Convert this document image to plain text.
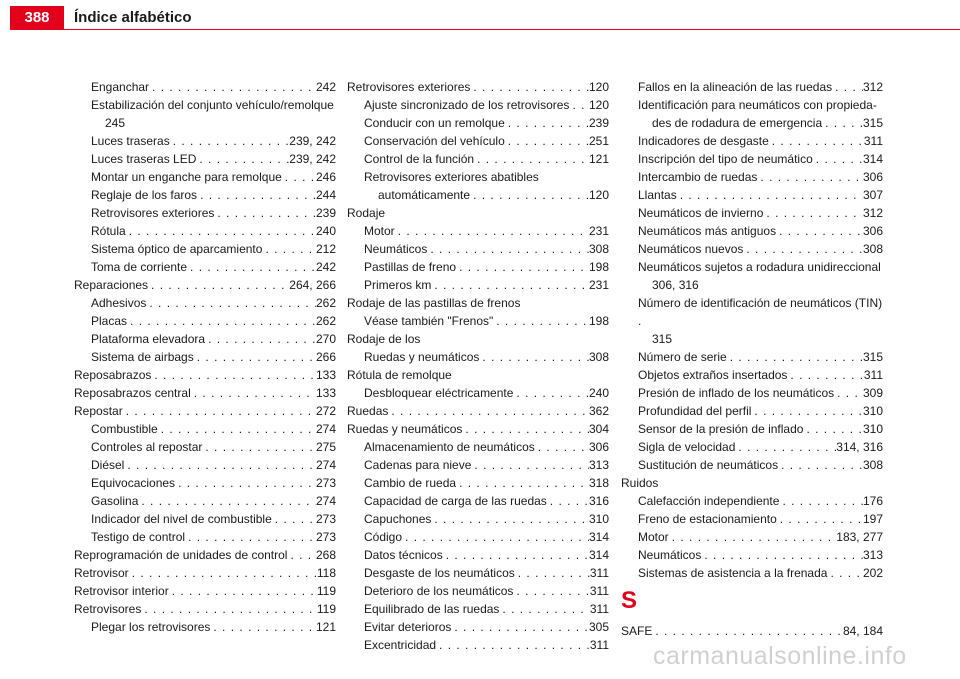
388	Índice alfabético
Enganchar . . .	242
Estabilización del conjunto vehículo/remolque
245
Luces traseras . . .	239, 242
Luces traseras LED . . .	239, 242
Montar un enganche para remolque . . .	246
Reglaje de los faros . . .	244
Retrovisores exteriores . . .	239
Rótula . . .	240
Sistema óptico de aparcamiento . . .	212
Toma de corriente . . .	242
Reparaciones . . .	264, 266
Adhesivos . . .	262
Placas . . .	262
Plataforma elevadora . . .	270
Sistema de airbags . . .	266
Reposabrazos . . .	133
Reposabrazos central . . .	133
Repostar . . .	272
Combustible . . .	274
Controles al repostar . . .	275
Diésel . . .	274
Equivocaciones . . .	273
Gasolina . . .	274
Indicador del nivel de combustible . . .	273
Testigo de control . . .	273
Reprogramación de unidades de control . . . 268
Retrovisor . . .	118
Retrovisor interior . . .	119
Retrovisores . . .	119
Plegar los retrovisores . . .	121
Retrovisores exteriores . . .	120
Ajuste sincronizado de los retrovisores . . . 120
Conducir con un remolque . . .	239
Conservación del vehículo . . .	251
Control de la función . . .	121
Retrovisores exteriores abatibles
automáticamente . . .	120
Rodaje
Motor . . .	231
Neumáticos . . .	308
Pastillas de freno . . .	198
Primeros km . . .	231
Rodaje de las pastillas de frenos
Véase también "Frenos" . . .	198
Rodaje de los
Ruedas y neumáticos . . .	308
Rótula de remolque
Desbloquear eléctricamente . . .	240
Ruedas . . .	362
Ruedas y neumáticos . . .	304
Almacenamiento de neumáticos . . .	306
Cadenas para nieve . . .	313
Cambio de rueda . . .	318
Capacidad de carga de las ruedas . . .	316
Capuchones . . .	310
Código . . .	314
Datos técnicos . . .	314
Desgaste de los neumáticos . . .	311
Deterioro de los neumáticos . . .	311
Equilibrado de las ruedas . . .	311
Evitar deterioros . . .	305
Excentricidad . . .	311
Fallos en la alineación de las ruedas . . .	312
Identificación para neumáticos con propieda-
des de rodadura de emergencia . . .	315
Indicadores de desgaste . . .	311
Inscripción del tipo de neumático . . .	314
Intercambio de ruedas . . .	306
Llantas . . .	307
Neumáticos de invierno . . .	312
Neumáticos más antiguos . . .	306
Neumáticos nuevos . . .	308
Neumáticos sujetos a rodadura unidireccional
306, 316
Número de identificación de neumáticos (TIN) .
315
Número de serie . . .	315
Objetos extraños insertados . . .	311
Presión de inflado de los neumáticos . . . 309
Profundidad del perfil . . .	310
Sensor de la presión de inflado . . .	310
Sigla de velocidad . . .	314, 316
Sustitución de neumáticos . . .	308
Ruidos
Calefacción independiente . . .	176
Freno de estacionamiento . . .	197
Motor . . .	183, 277
Neumáticos . . .	313
Sistemas de asistencia a la frenada . . .	202
S
SAFE . . .	84, 184
carmanualsonline.info
